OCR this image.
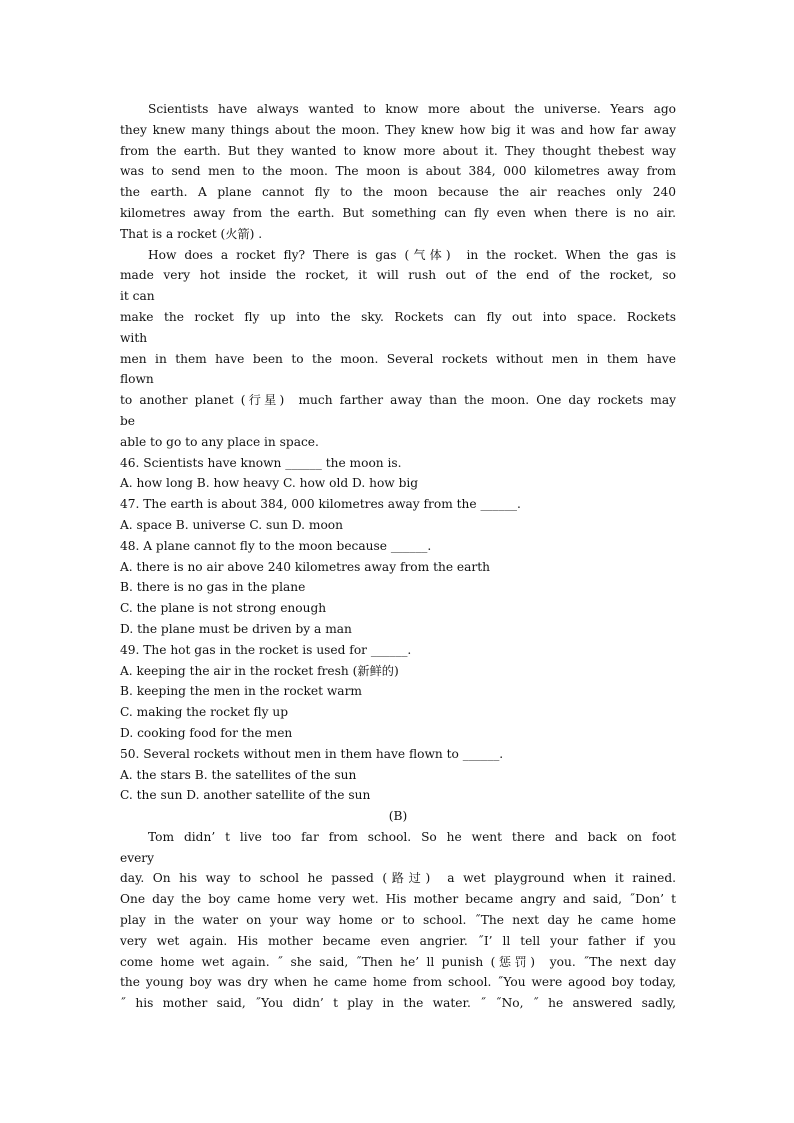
Scientists have always wanted to know more about the universe. Years ago
they knew many things about the moon. They knew how big it was and how far away
from the earth. But they wanted to know more about it. They thought thebest way
was to send men to the moon. The moon is about 384, 000 kilometres away from
the earth. A plane cannot fly to the moon because the air reaches only 240
kilometres away from the earth. But something can fly even when there is no air.
That is a rocket (火箭) .
How does a rocket fly? There is gas (气体)  in the rocket. When the gas is
made very hot inside the rocket, it will rush out of the end of the rocket, so
it can
make the rocket fly up into the sky. Rockets can fly out into space. Rockets
with
men in them have been to the moon. Several rockets without men in them have
flown
to another planet (行星)  much farther away than the moon. One day rockets may
be
able to go to any place in space.
46. Scientists have known ______ the moon is.
A. how long B. how heavy C. how old D. how big
47. The earth is about 384, 000 kilometres away from the ______.
A. space B. universe C. sun D. moon
48. A plane cannot fly to the moon because ______.
A. there is no air above 240 kilometres away from the earth
B. there is no gas in the plane
C. the plane is not strong enough
D. the plane must be driven by a man
49. The hot gas in the rocket is used for ______.
A. keeping the air in the rocket fresh (新鲜的)
B. keeping the men in the rocket warm
C. making the rocket fly up
D. cooking food for the men
50. Several rockets without men in them have flown to ______.
A. the stars B. the satellites of the sun
C. the sun D. another satellite of the sun
(B)
Tom didn’ t live too far from school. So he went there and back on foot
every
day. On his way to school he passed (路过)  a wet playground when it rained.
One day the boy came home very wet. His mother became angry and said, ˝Don’ t
play in the water on your way home or to school. ˝The next day he came home
very wet again. His mother became even angrier. ˝I’ ll tell your father if you
come home wet again. ˝ she said, ˝Then he’ ll punish (惩罚)  you. ˝The next day
the young boy was dry when he came home from school. ˝You were agood boy today,
˝ his mother said, ˝You didn’ t play in the water. ˝ ˝No, ˝ he answered sadly,
